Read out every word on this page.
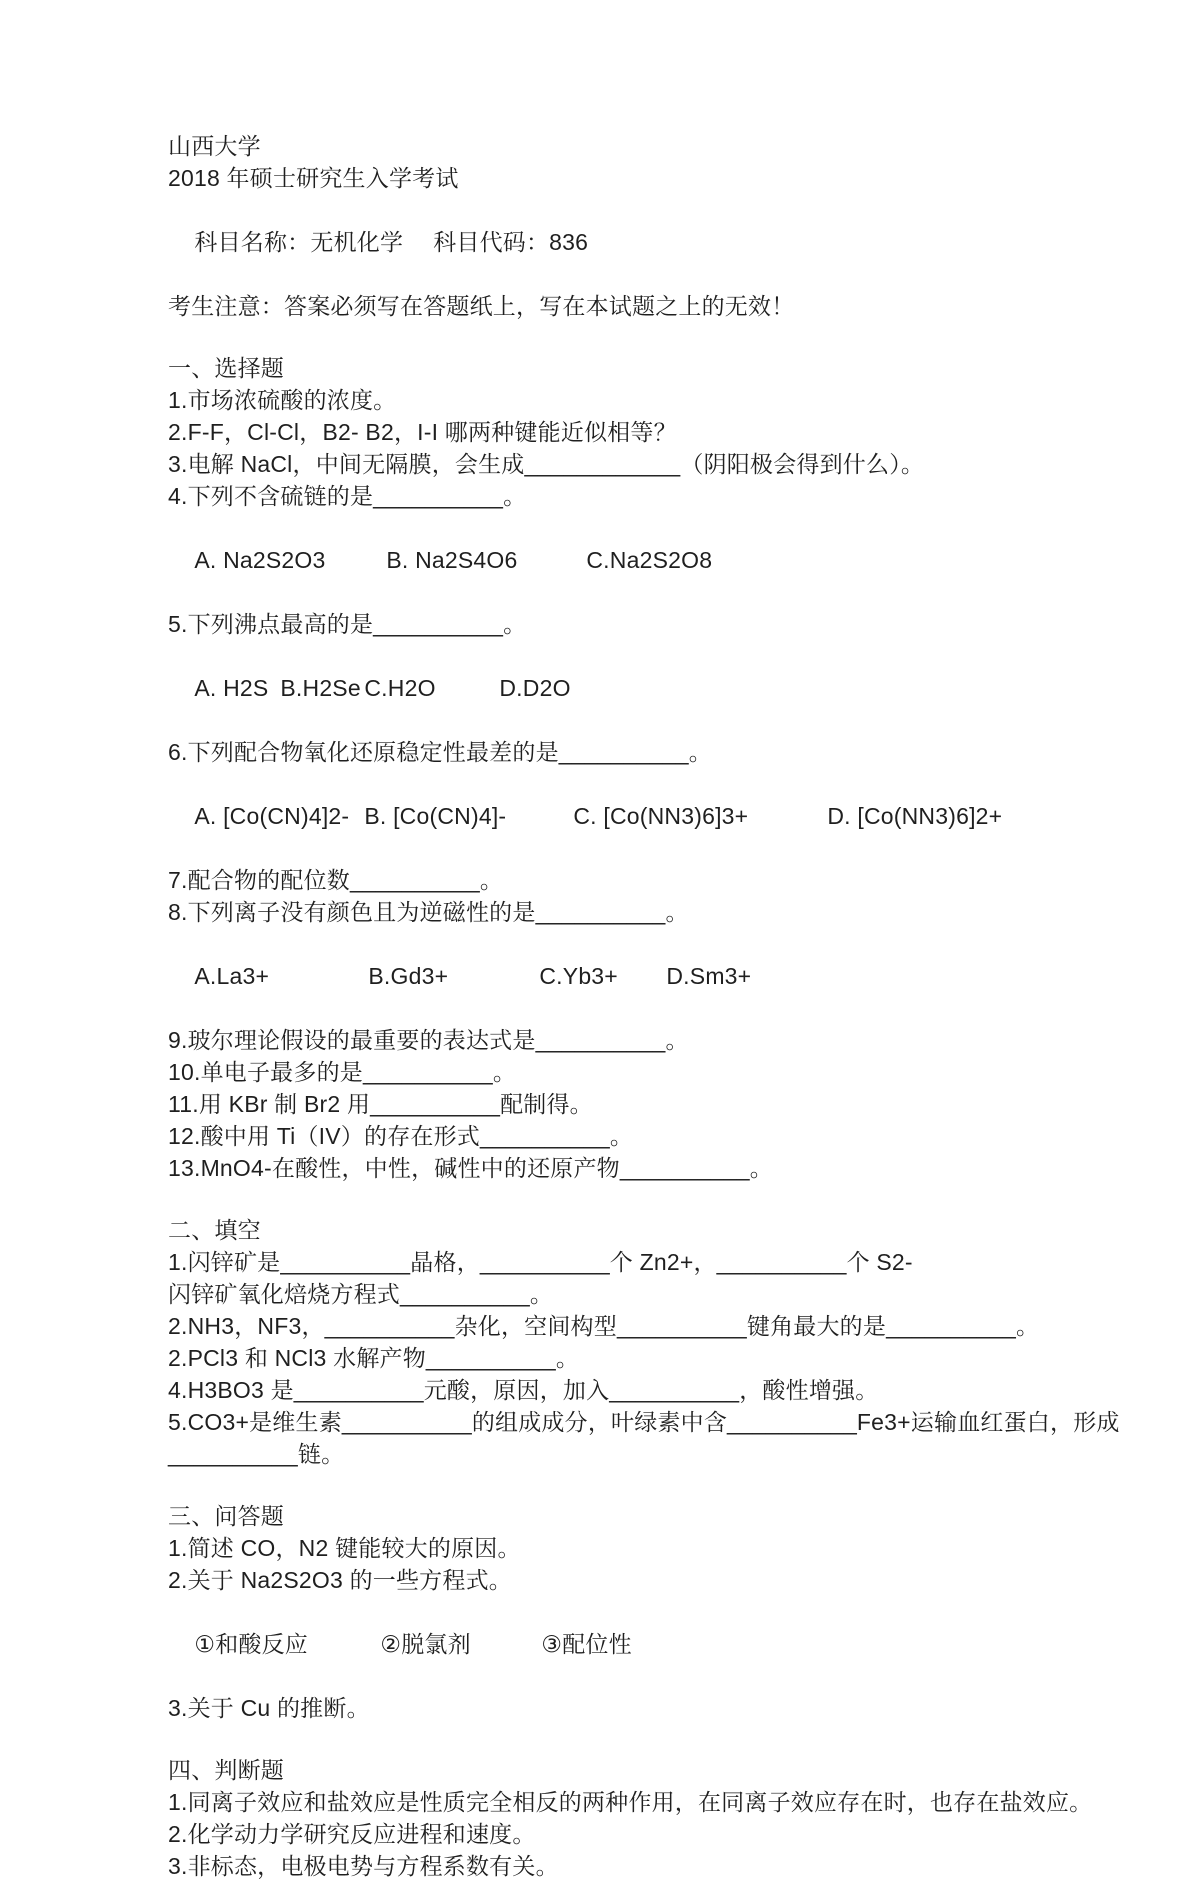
山西大学
2018 年硕士研究生入学考试

科目名称：无机化学 科目代码：836

考生注意：答案必须写在答题纸上，写在本试题之上的无效！
一、选择题
1.市场浓硫酸的浓度。
2.F-F，Cl-Cl，B2- B2，I-I 哪两种键能近似相等？
3.电解 NaCl，中间无隔膜，会生成____________（阴阳极会得到什么）。
4.下列不含硫链的是__________。

A. Na2S2O3	B. Na2S4O6	C.Na2S2O8

5.下列沸点最高的是__________。

A. H2S B.H2Se C.H2O	D.D2O

6.下列配合物氧化还原稳定性最差的是__________。

A. [Co(CN)4]2- B. [Co(CN)4]-	C. [Co(NN3)6]3+	D. [Co(NN3)6]2+

7.配合物的配位数__________。
8.下列离子没有颜色且为逆磁性的是__________。

A.La3+	B.Gd3+	C.Yb3+ D.Sm3+

9.玻尔理论假设的最重要的表达式是__________。
10.单电子最多的是__________。
11.用 KBr 制 Br2 用__________配制得。
12.酸中用 Ti（IV）的存在形式__________。
13.MnO4-在酸性，中性，碱性中的还原产物__________。
二、填空
1.闪锌矿是__________晶格，__________个 Zn2+，__________个 S2-
闪锌矿氧化焙烧方程式__________。
2.NH3，NF3，__________杂化，空间构型__________键角最大的是__________。
2.PCl3 和 NCl3 水解产物__________。
4.H3BO3 是__________元酸，原因，加入__________，酸性增强。
5.CO3+是维生素__________的组成成分，叶绿素中含__________Fe3+运输血红蛋白，形成
__________链。
三、问答题
1.简述 CO，N2 键能较大的原因。
2.关于 Na2S2O3 的一些方程式。

①和酸反应	②脱氯剂	③配位性

3.关于 Cu 的推断。
四、判断题
1.同离子效应和盐效应是性质完全相反的两种作用，在同离子效应存在时，也存在盐效应。
2.化学动力学研究反应进程和速度。
3.非标态，电极电势与方程系数有关。
